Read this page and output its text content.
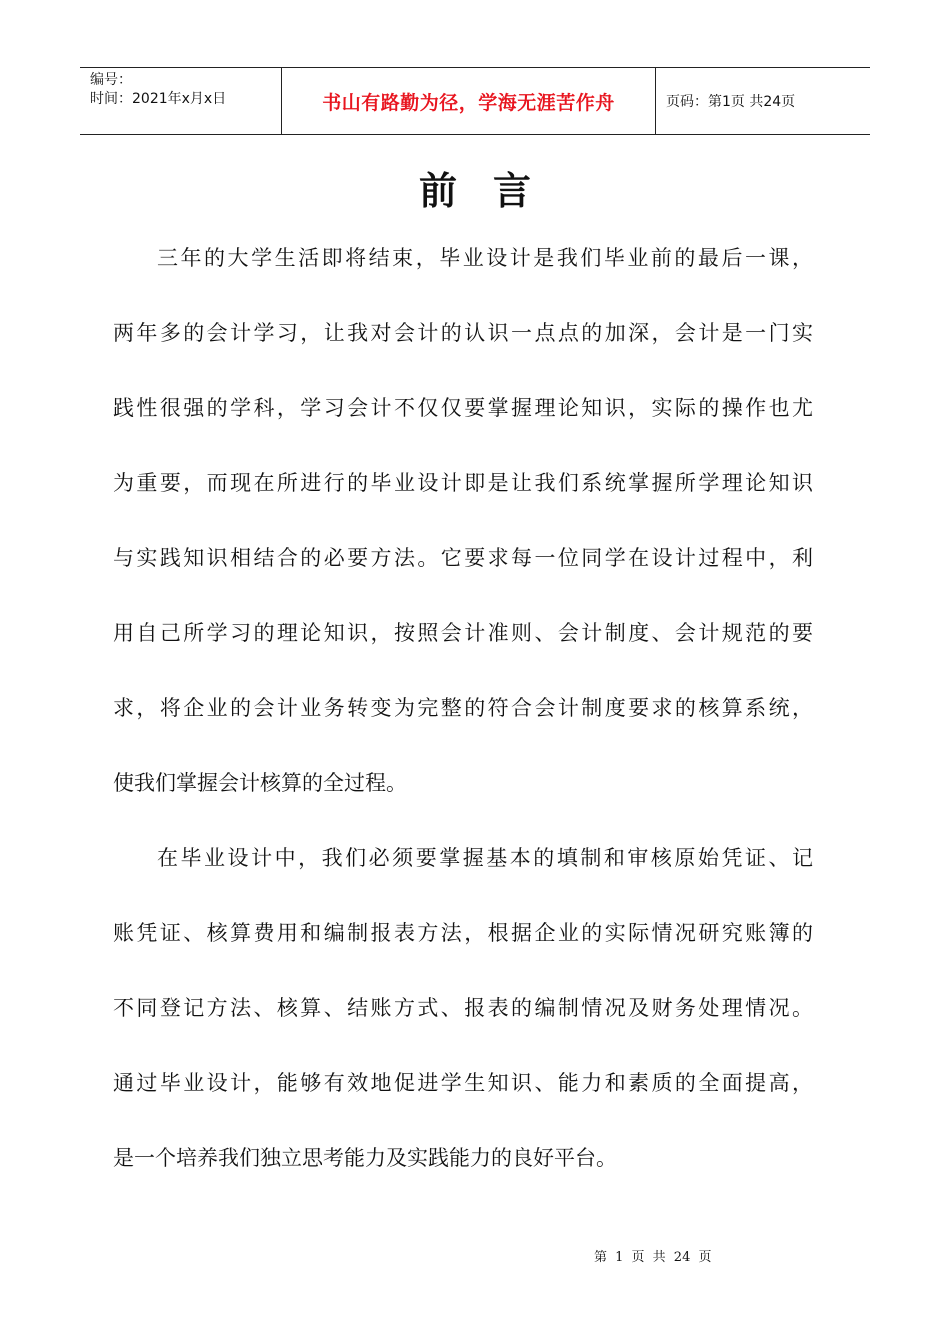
编号：
时间：2021年x月x日	书山有路勤为径，学海无涯苦作舟	页码：第1页 共24页
前言
三年的大学生活即将结束，毕业设计是我们毕业前的最后一课，
两年多的会计学习，让我对会计的认识一点点的加深，会计是一门实
践性很强的学科，学习会计不仅仅要掌握理论知识，实际的操作也尤
为重要，而现在所进行的毕业设计即是让我们系统掌握所学理论知识
与实践知识相结合的必要方法。它要求每一位同学在设计过程中，利
用自己所学习的理论知识，按照会计准则、会计制度、会计规范的要
求，将企业的会计业务转变为完整的符合会计制度要求的核算系统，
使我们掌握会计核算的全过程。
在毕业设计中，我们必须要掌握基本的填制和审核原始凭证、记
账凭证、核算费用和编制报表方法，根据企业的实际情况研究账簿的
不同登记方法、核算、结账方式、报表的编制情况及财务处理情况。
通过毕业设计，能够有效地促进学生知识、能力和素质的全面提高，
是一个培养我们独立思考能力及实践能力的良好平台。
第 1 页 共 24 页
